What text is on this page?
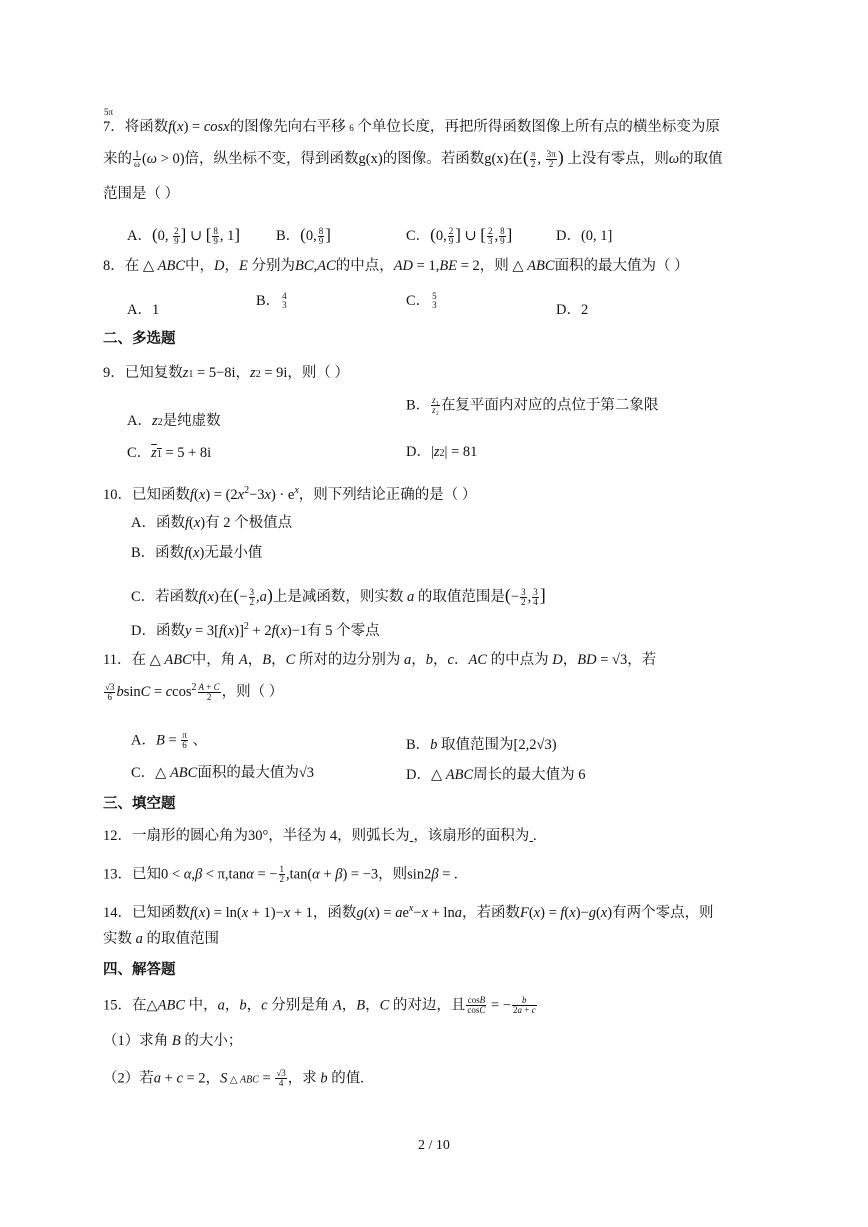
5π
7．将函数f(x) = cosx的图像先向右平移 6 个单位长度，再把所得函数图像上所有点的横坐标变为原
来的 $\frac{1}{\omega} (\omega > 0)$倍，纵坐标不变，得到函数g(x)的图像。若函数g(x)在( $\frac{\pi}{2}$ , $\frac{3\pi}{2}$ ) 上没有零点，则ω的取值
范围是（ ）
A．(0, $\frac{2}{9}$ ] ∪ [ $\frac{8}{9}$ , 1] B．(0, $\frac{8}{9}$ ]	C．(0, $\frac{2}{9}$ ] ∪ [ $\frac{2}{3}$ , $\frac{8}{9}$ ]	D．(0, 1]
8．在 △ ABC中，D，E 分别为BC,AC的中点，AD = 1,BE = 2，则 △ ABC面积的最大值为（ ）
A．1
B． 4
3	C． 5
3	D．2
二、多选题
9．已知复数z1 = 5−8i，z2 = 9i，则（ ）
A．z2是纯虚数
B． $\frac{\text{z₁}}{\text{z₂}}$ 在复平面内对应的点位于第二象限
C．z1 = 5 + 8i	D．|z2| = 81
10．已知函数$f(x) = (2x^2-3x) \cdot e^x$，则下列结论正确的是（ ）
A．函数f(x)有 2 个极值点
B．函数f(x)无最小值
C．若函数f(x)在(− $\frac{3}{2} ,a$)上是减函数，则实数 a 的取值范围是(− $\frac{3}{2}$ , $\frac{3}{4}$ ]
D．函数$y = 3[f(x)]^2 + 2f(x)-1$有 5 个零点
11．在 △ ABC中，角 A，B，C 所对的边分别为 a，b，c．AC 的中点为 D，BD = √3，若
$\frac{√3}{6}$ $bsinC = ccos^2 \frac{A + C}{2}$ ，则（ ）
A．$B = \frac{\pi}{6}$ 、	B．b 取值范围为[2,2√3)
C．△ ABC面积的最大值为√3	D．△ ABC周长的最大值为 6
三、填空题
12．一扇形的圆心角为30°，半径为 4，则弧长为 ，该扇形的面积为 .
13．已知0 < α,β < π,tanα = − $\frac{1}{2} ,\tan(\alpha + \beta) = -3$，则sin2β = .
14．已知函数f(x) = ln(x + 1)−x + 1，函数$g(x) = ae^x-x + \ln a$，若函数F(x) = f(x)−g(x)有两个零点，则
实数 a 的取值范围
四、解答题
15．在△ABC 中，a，b，c 分别是角 A，B，C 的对边，且 $\frac{\cos B}{\cos C}$ = − $\frac{b}{2a + c}$
（1）求角 B 的大小；
（2）若a + c = 2，S △ ABC = $\frac{√3}{4}$ ，求 b 的值.
2 / 10
